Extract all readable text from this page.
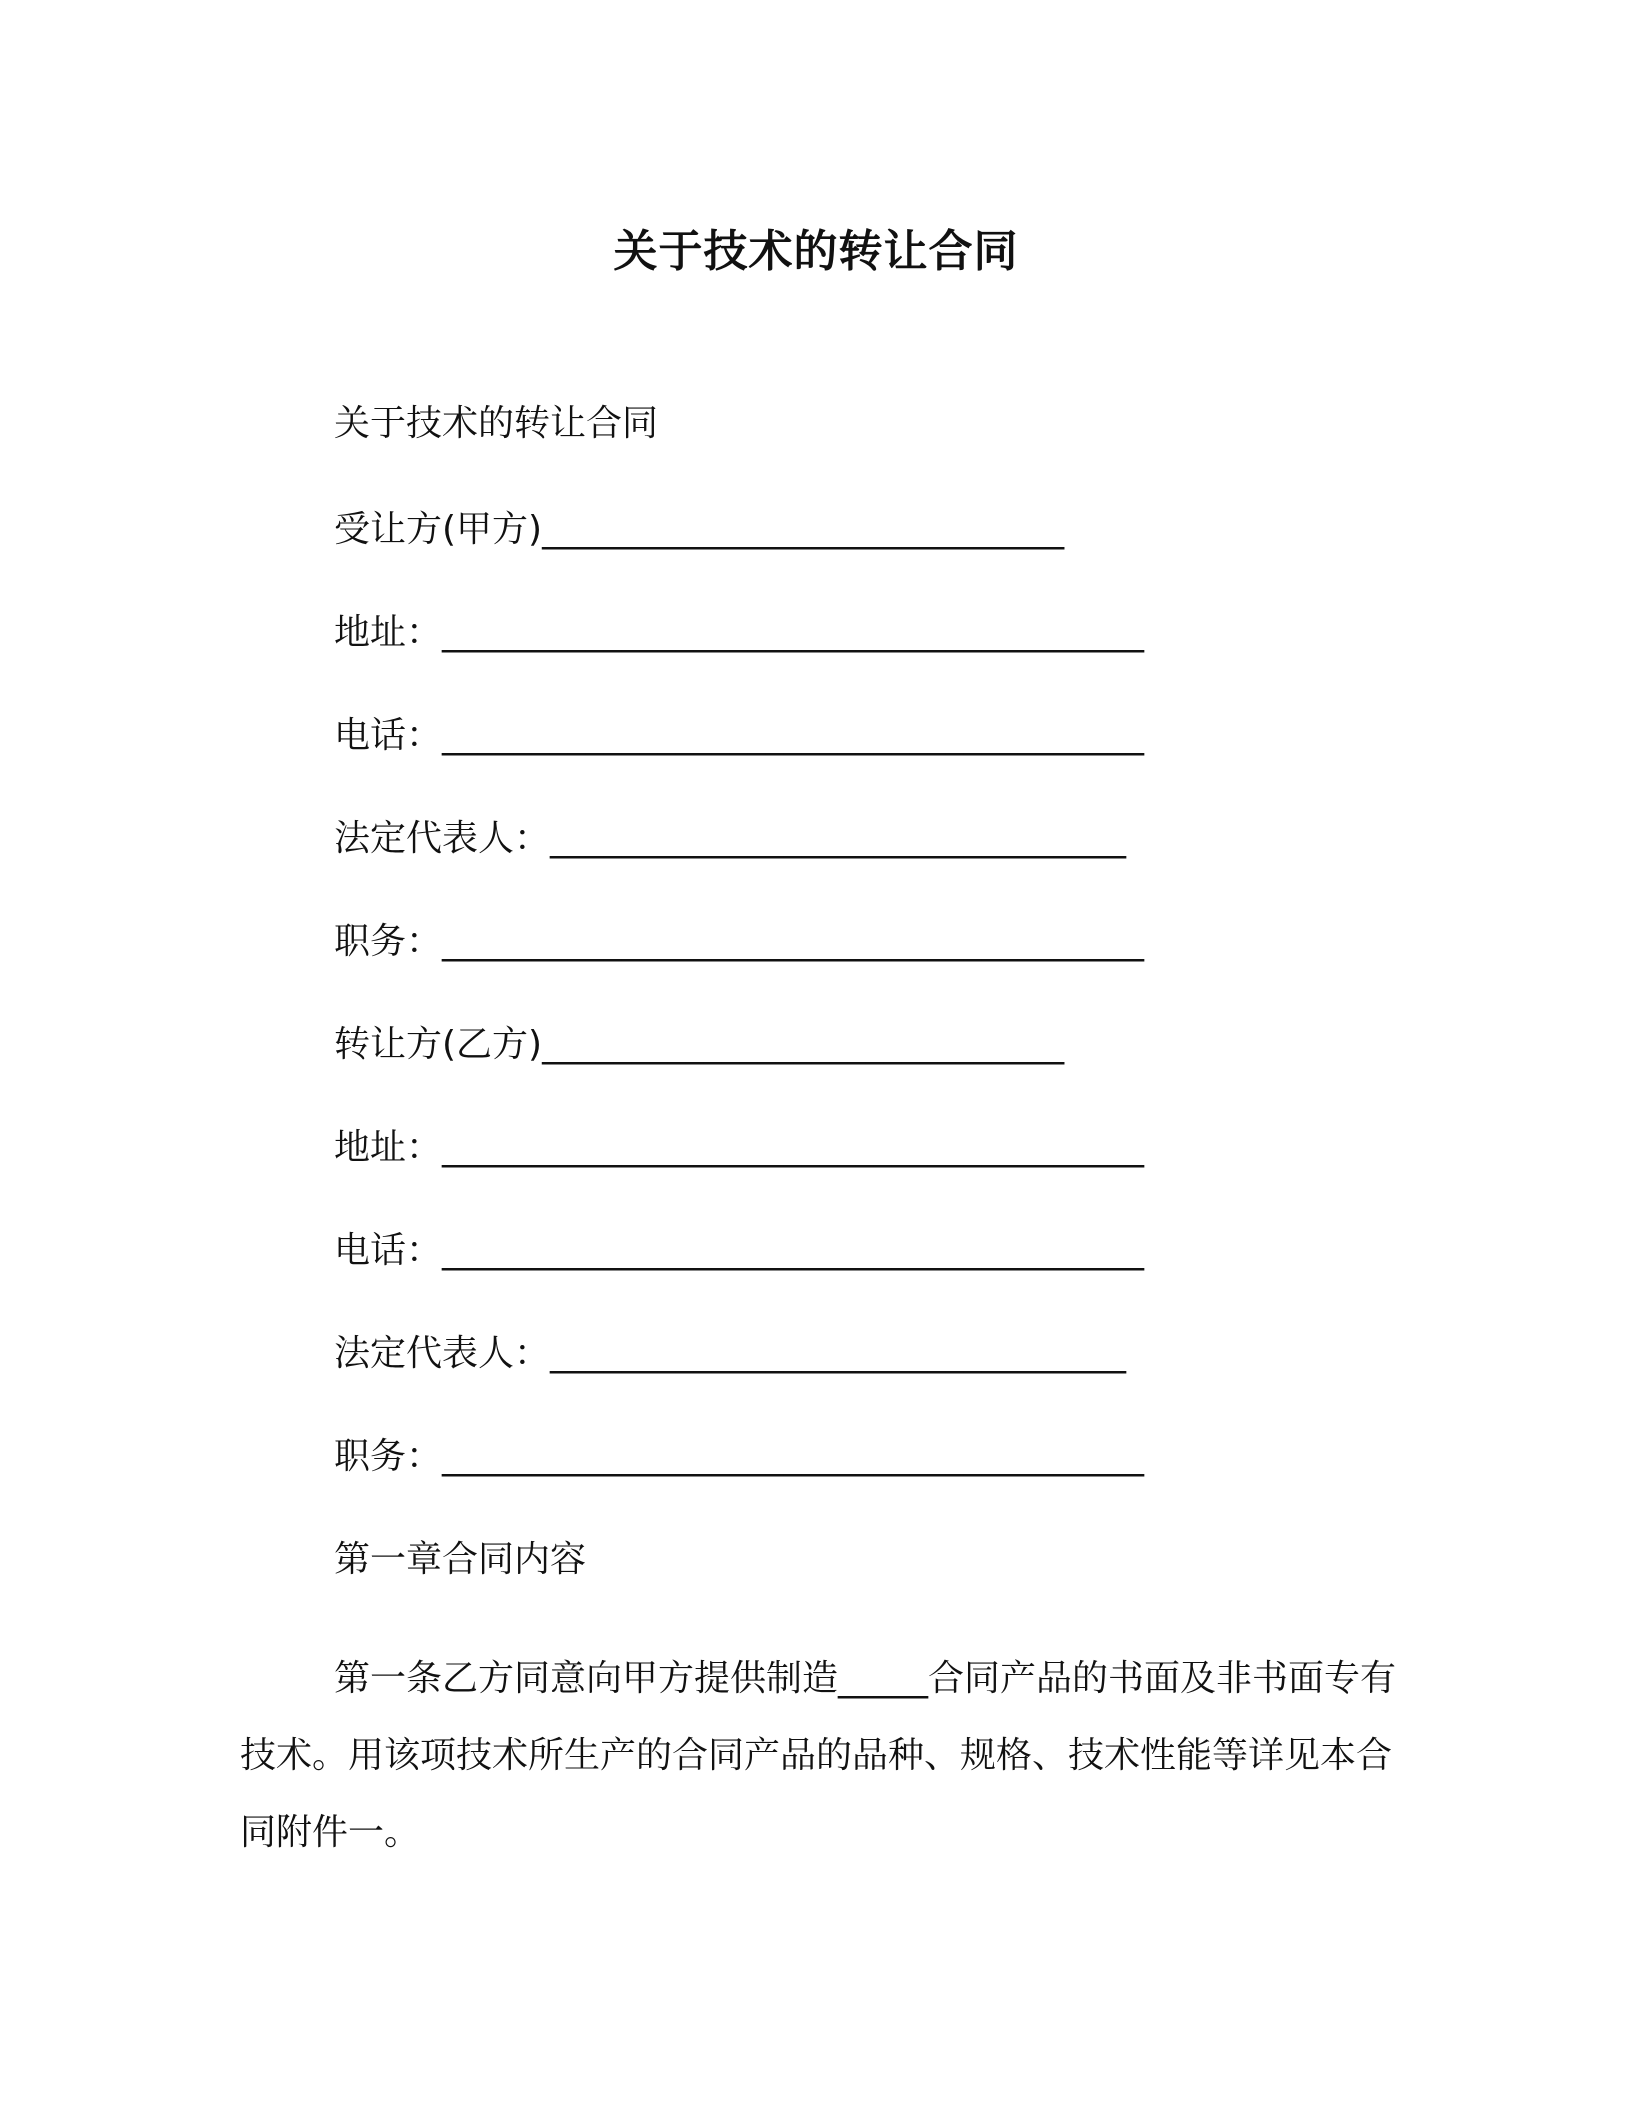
关于技术的转让合同
关于技术的转让合同
受让方(甲方)_____________________________
地址：_______________________________________
电话：_______________________________________
法定代表人：________________________________
职务：_______________________________________
转让方(乙方)_____________________________
地址：_______________________________________
电话：_______________________________________
法定代表人：________________________________
职务：_______________________________________
第一章合同内容
第一条乙方同意向甲方提供制造_____合同产品的书面及非书面专有技术。用该项技术所生产的合同产品的品种、规格、技术性能等详见本合同附件一。
